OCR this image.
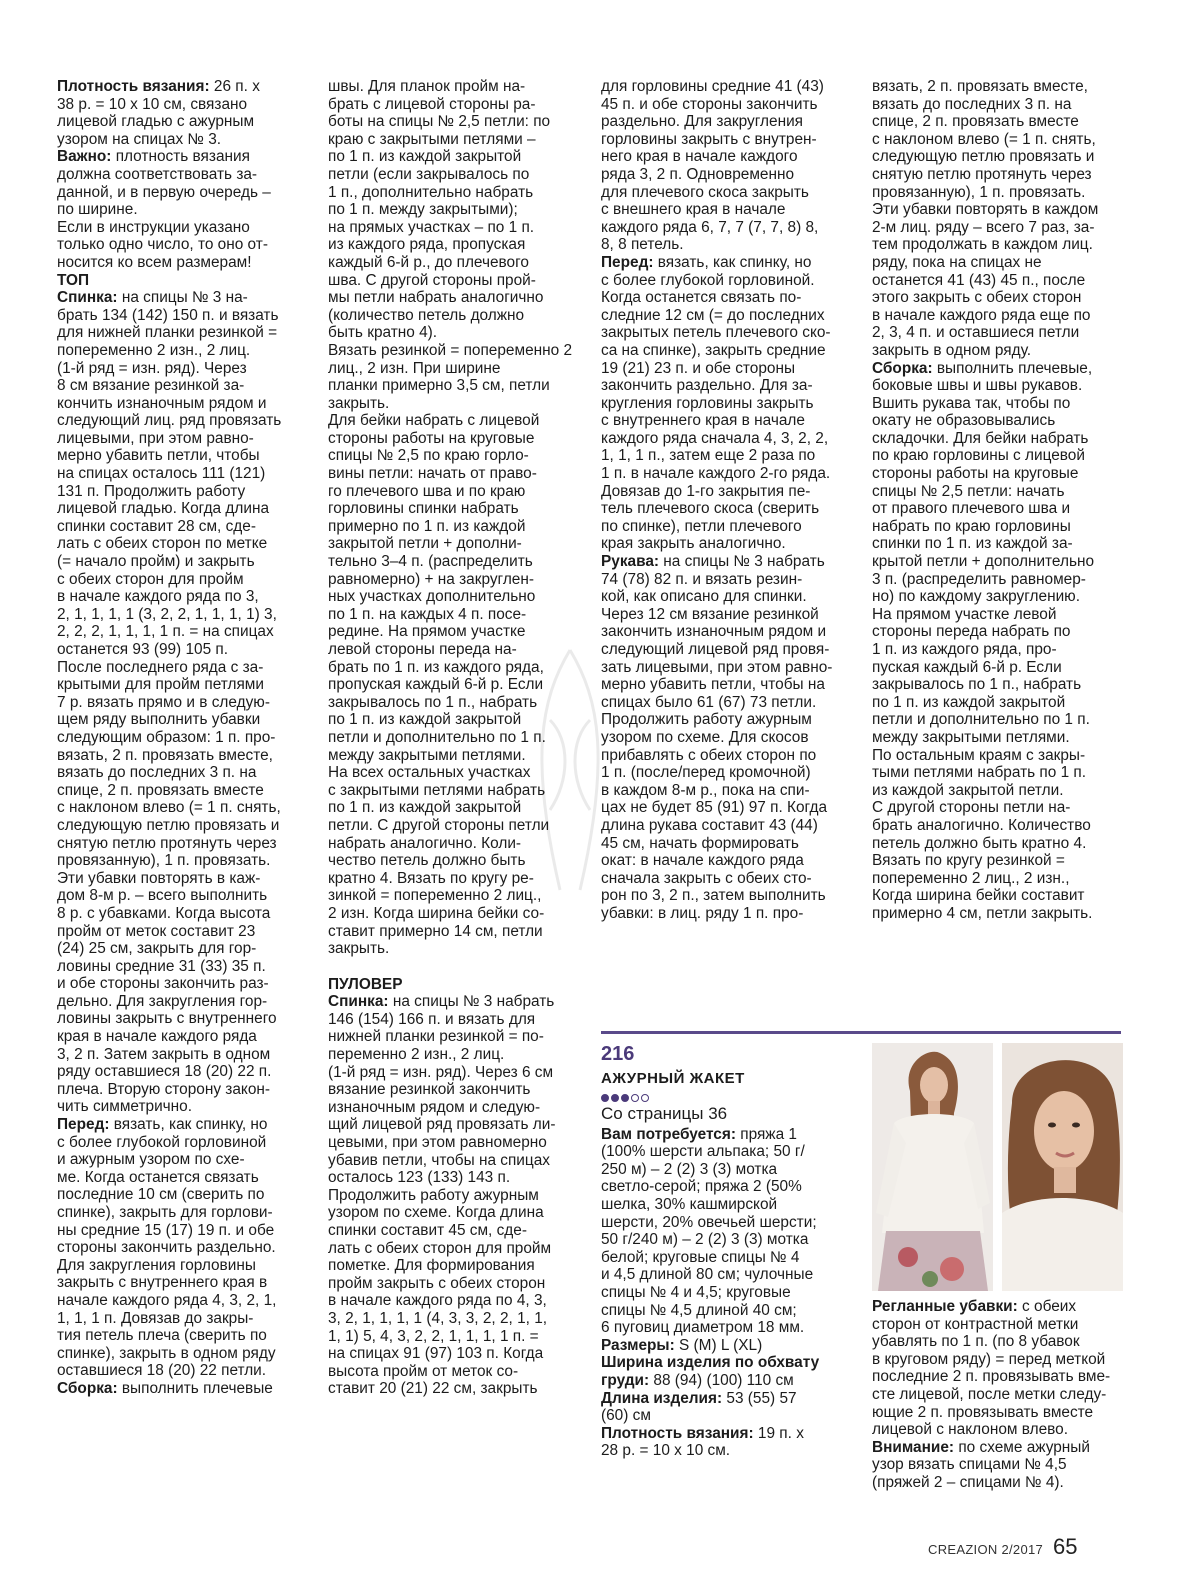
Плотность вязания: 26 п. х
38 р. = 10 х 10 см, связано
лицевой гладью с ажурным
узором на спицах № 3.

Важно: плотность вязания
должна соответствовать за-
данной, и в первую очередь –
по ширине.

Если в инструкции указано
только одно число, то оно от-
носится ко всем размерам!

ТОП

Спинка: на спицы № 3 на-
брать 134 (142) 150 п. и вязать
для нижней планки резинкой =
попеременно 2 изн., 2 лиц.
(1-й ряд = изн. ряд). Через
8 см вязание резинкой за-
кончить изнаночным рядом и
следующий лиц. ряд провязать
лицевыми, при этом равно-
мерно убавить петли, чтобы
на спицах осталось 111 (121)
131 п. Продолжить работу
лицевой гладью. Когда длина
спинки составит 28 см, сде-
лать с обеих сторон по метке
(= начало пройм) и закрыть
с обеих сторон для пройм
в начале каждого ряда по 3,
2, 1, 1, 1, 1 (3, 2, 2, 1, 1, 1, 1) 3,
2, 2, 2, 1, 1, 1, 1 п. = на спицах
останется 93 (99) 105 п.
После последнего ряда с за-
крытыми для пройм петлями
7 р. вязать прямо и в следую-
щем ряду выполнить убавки
следующим образом: 1 п. про-
вязать, 2 п. провязать вместе,
вязать до последних 3 п. на
спице, 2 п. провязать вместе
с наклоном влево (= 1 п. снять,
следующую петлю провязать и
снятую петлю протянуть через
провязанную), 1 п. провязать.
Эти убавки повторять в каж-
дом 8-м р. – всего выполнить
8 р. с убавками. Когда высота
пройм от меток составит 23
(24) 25 см, закрыть для гор-
ловины средние 31 (33) 35 п.
и обе стороны закончить раз-
дельно. Для закругления гор-
ловины закрыть с внутреннего
края в начале каждого ряда
3, 2 п. Затем закрыть в одном
ряду оставшиеся 18 (20) 22 п.
плеча. Вторую сторону закон-
чить симметрично.

Перед: вязать, как спинку, но
с более глубокой горловиной
и ажурным узором по схе-
ме. Когда останется связать
последние 10 см (сверить по
спинке), закрыть для горлови-
ны средние 15 (17) 19 п. и обе
стороны закончить раздельно.
Для закругления горловины
закрыть с внутреннего края в
начале каждого ряда 4, 3, 2, 1,
1, 1, 1 п. Довязав до закры-
тия петель плеча (сверить по
спинке), закрыть в одном ряду
оставшиеся 18 (20) 22 петли.

Сборка: выполнить плечевые

швы. Для планок пройм на-
брать с лицевой стороны ра-
боты на спицы № 2,5 петли: по
краю с закрытыми петлями –
по 1 п. из каждой закрытой
петли (если закрывалось по
1 п., дополнительно набрать
по 1 п. между закрытыми);
на прямых участках – по 1 п.
из каждого ряда, пропуская
каждый 6-й р., до плечевого
шва. С другой стороны прой-
мы петли набрать аналогично
(количество петель должно
быть кратно 4).
Вязать резинкой = попеременно 2 лиц., 2 изн. При ширине
планки примерно 3,5 см, петли
закрыть.
Для бейки набрать с лицевой
стороны работы на круговые
спицы № 2,5 по краю горло-
вины петли: начать от право-
го плечевого шва и по краю
горловины спинки набрать
примерно по 1 п. из каждой
закрытой петли + дополни-
тельно 3–4 п. (распределить
равномерно) + на закруглен-
ных участках дополнительно
по 1 п. на каждых 4 п. посе-
редине. На прямом участке
левой стороны переда на-
брать по 1 п. из каждого ряда,
пропуская каждый 6-й р. Если
закрывалось по 1 п., набрать
по 1 п. из каждой закрытой
петли и дополнительно по 1 п.
между закрытыми петлями.
На всех остальных участках
с закрытыми петлями набрать
по 1 п. из каждой закрытой
петли. С другой стороны петли
набрать аналогично. Коли-
чество петель должно быть
кратно 4. Вязать по кругу ре-
зинкой = попеременно 2 лиц.,
2 изн. Когда ширина бейки со-
ставит примерно 14 см, петли
закрыть.

ПУЛОВЕР

Спинка: на спицы № 3 набрать
146 (154) 166 п. и вязать для
нижней планки резинкой = по-
переменно 2 изн., 2 лиц.
(1-й ряд = изн. ряд). Через 6 см
вязание резинкой закончить
изнаночным рядом и следую-
щий лицевой ряд провязать ли-
цевыми, при этом равномерно
убавив петли, чтобы на спицах
осталось 123 (133) 143 п.
Продолжить работу ажурным
узором по схеме. Когда длина
спинки составит 45 см, сде-
лать с обеих сторон для пройм
пометке. Для формирования
пройм закрыть с обеих сторон
в начале каждого ряда по 4, 3,
3, 2, 1, 1, 1, 1 (4, 3, 3, 2, 2, 1, 1,
1, 1) 5, 4, 3, 2, 2, 1, 1, 1, 1 п. =
на спицах 91 (97) 103 п. Когда
высота пройм от меток со-
ставит 20 (21) 22 см, закрыть

для горловины средние 41 (43)
45 п. и обе стороны закончить
раздельно. Для закругления
горловины закрыть с внутрен-
него края в начале каждого
ряда 3, 2 п. Одновременно
для плечевого скоса закрыть
с внешнего края в начале
каждого ряда 6, 7, 7 (7, 7, 8) 8,
8, 8 петель.

Перед: вязать, как спинку, но
с более глубокой горловиной.
Когда останется связать по-
следние 12 см (= до последних
закрытых петель плечевого ско-
са на спинке), закрыть средние
19 (21) 23 п. и обе стороны
закончить раздельно. Для за-
кругления горловины закрыть
с внутреннего края в начале
каждого ряда сначала 4, 3, 2, 2,
1, 1, 1 п., затем еще 2 раза по
1 п. в начале каждого 2-го ряда.
Довязав до 1-го закрытия пе-
тель плечевого скоса (сверить
по спинке), петли плечевого
края закрыть аналогично.

Рукава: на спицы № 3 набрать
74 (78) 82 п. и вязать резин-
кой, как описано для спинки.
Через 12 см вязание резинкой
закончить изнаночным рядом и
следующий лицевой ряд провя-
зать лицевыми, при этом равно-
мерно убавить петли, чтобы на
спицах было 61 (67) 73 петли.
Продолжить работу ажурным
узором по схеме. Для скосов
прибавлять с обеих сторон по
1 п. (после/перед кромочной)
в каждом 8-м р., пока на спи-
цах не будет 85 (91) 97 п. Когда
длина рукава составит 43 (44)
45 см, начать формировать
окат: в начале каждого ряда
сначала закрыть с обеих сто-
рон по 3, 2 п., затем выполнить
убавки: в лиц. ряду 1 п. про-

вязать, 2 п. провязать вместе,
вязать до последних 3 п. на
спице, 2 п. провязать вместе
с наклоном влево (= 1 п. снять,
следующую петлю провязать и
снятую петлю протянуть через
провязанную), 1 п. провязать.
Эти убавки повторять в каждом
2-м лиц. ряду – всего 7 раз, за-
тем продолжать в каждом лиц.
ряду, пока на спицах не
останется 41 (43) 45 п., после
этого закрыть с обеих сторон
в начале каждого ряда еще по
2, 3, 4 п. и оставшиеся петли
закрыть в одном ряду.

Сборка: выполнить плечевые,
боковые швы и швы рукавов.
Вшить рукава так, чтобы по
окату не образовывались
складочки. Для бейки набрать
по краю горловины с лицевой
стороны работы на круговые
спицы № 2,5 петли: начать
от правого плечевого шва и
набрать по краю горловины
спинки по 1 п. из каждой за-
крытой петли + дополнительно
3 п. (распределить равномер-
но) по каждому закруглению.
На прямом участке левой
стороны переда набрать по
1 п. из каждого ряда, про-
пуская каждый 6-й р. Если
закрывалось по 1 п., набрать
по 1 п. из каждой закрытой
петли и дополнительно по 1 п.
между закрытыми петлями.
По остальным краям с закры-
тыми петлями набрать по 1 п.
из каждой закрытой петли.
С другой стороны петли на-
брать аналогично. Количество
петель должно быть кратно 4.
Вязать по кругу резинкой =
попеременно 2 лиц., 2 изн.,
Когда ширина бейки составит
примерно 4 см, петли закрыть.

216
АЖУРНЫЙ ЖАКЕТ

Со страницы 36

Вам потребуется: пряжа 1
(100% шерсти альпака; 50 г/
250 м) – 2 (2) 3 (3) мотка
светло-серой; пряжа 2 (50%
шелка, 30% кашмирской
шерсти, 20% овечьей шерсти;
50 г/240 м) – 2 (2) 3 (3) мотка
белой; круговые спицы № 4
и 4,5 длиной 80 см; чулочные
спицы № 4 и 4,5; круговые
спицы № 4,5 длиной 40 см;
6 пуговиц диаметром 18 мм.

Размеры: S (M) L (XL)

Ширина изделия по обхвату
груди: 88 (94) (100) 110 см

Длина изделия: 53 (55) 57
(60) см

Плотность вязания: 19 п. х
28 р. = 10 х 10 см.

Регланные убавки: с обеих
сторон от контрастной метки
убавлять по 1 п. (по 8 убавок
в круговом ряду) = перед меткой
последние 2 п. провязывать вме-
сте лицевой, после метки следу-
ющие 2 п. провязывать вместе
лицевой с наклоном влево.

Внимание: по схеме ажурный
узор вязать спицами № 4,5
(пряжей 2 – спицами № 4).

CREAZION 2/2017 65
